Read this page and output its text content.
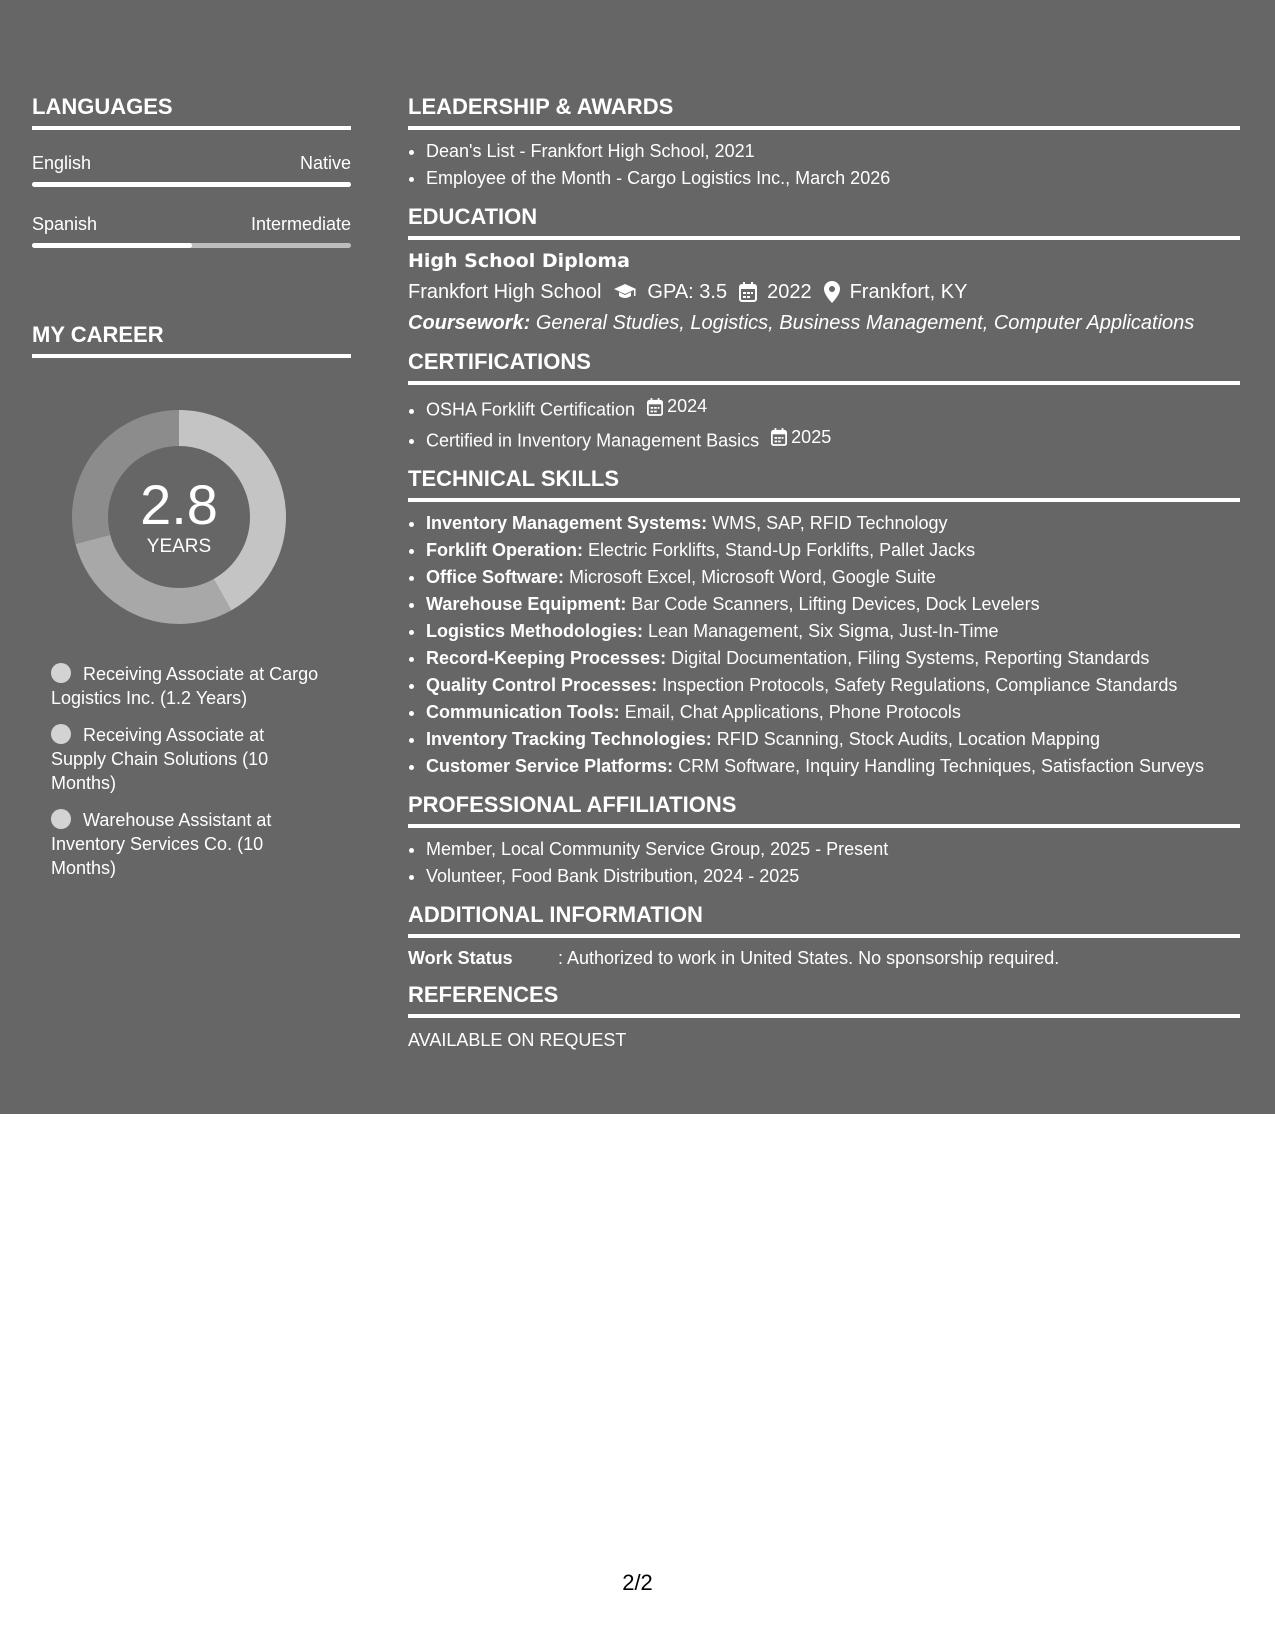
LANGUAGES
English	Native
Spanish	Intermediate
MY CAREER
2.8
YEARS
Receiving Associate at Cargo Logistics Inc. (1.2 Years)
Receiving Associate at Supply Chain Solutions (10 Months)
Warehouse Assistant at Inventory Services Co. (10 Months)
LEADERSHIP & AWARDS
• Dean's List - Frankfort High School, 2021
• Employee of the Month - Cargo Logistics Inc., March 2026
EDUCATION
High School Diploma
Frankfort High School GPA: 3.5 2022 Frankfort, KY
Coursework: General Studies, Logistics, Business Management, Computer Applications
CERTIFICATIONS
• OSHA Forklift Certification 2024
• Certified in Inventory Management Basics 2025
TECHNICAL SKILLS
• Inventory Management Systems: WMS, SAP, RFID Technology
• Forklift Operation: Electric Forklifts, Stand-Up Forklifts, Pallet Jacks
• Office Software: Microsoft Excel, Microsoft Word, Google Suite
• Warehouse Equipment: Bar Code Scanners, Lifting Devices, Dock Levelers
• Logistics Methodologies: Lean Management, Six Sigma, Just-In-Time
• Record-Keeping Processes: Digital Documentation, Filing Systems, Reporting Standards
• Quality Control Processes: Inspection Protocols, Safety Regulations, Compliance Standards
• Communication Tools: Email, Chat Applications, Phone Protocols
• Inventory Tracking Technologies: RFID Scanning, Stock Audits, Location Mapping
• Customer Service Platforms: CRM Software, Inquiry Handling Techniques, Satisfaction Surveys
PROFESSIONAL AFFILIATIONS
• Member, Local Community Service Group, 2025 - Present
• Volunteer, Food Bank Distribution, 2024 - 2025
ADDITIONAL INFORMATION
Work Status	: Authorized to work in United States. No sponsorship required.
REFERENCES
AVAILABLE ON REQUEST
2/2
